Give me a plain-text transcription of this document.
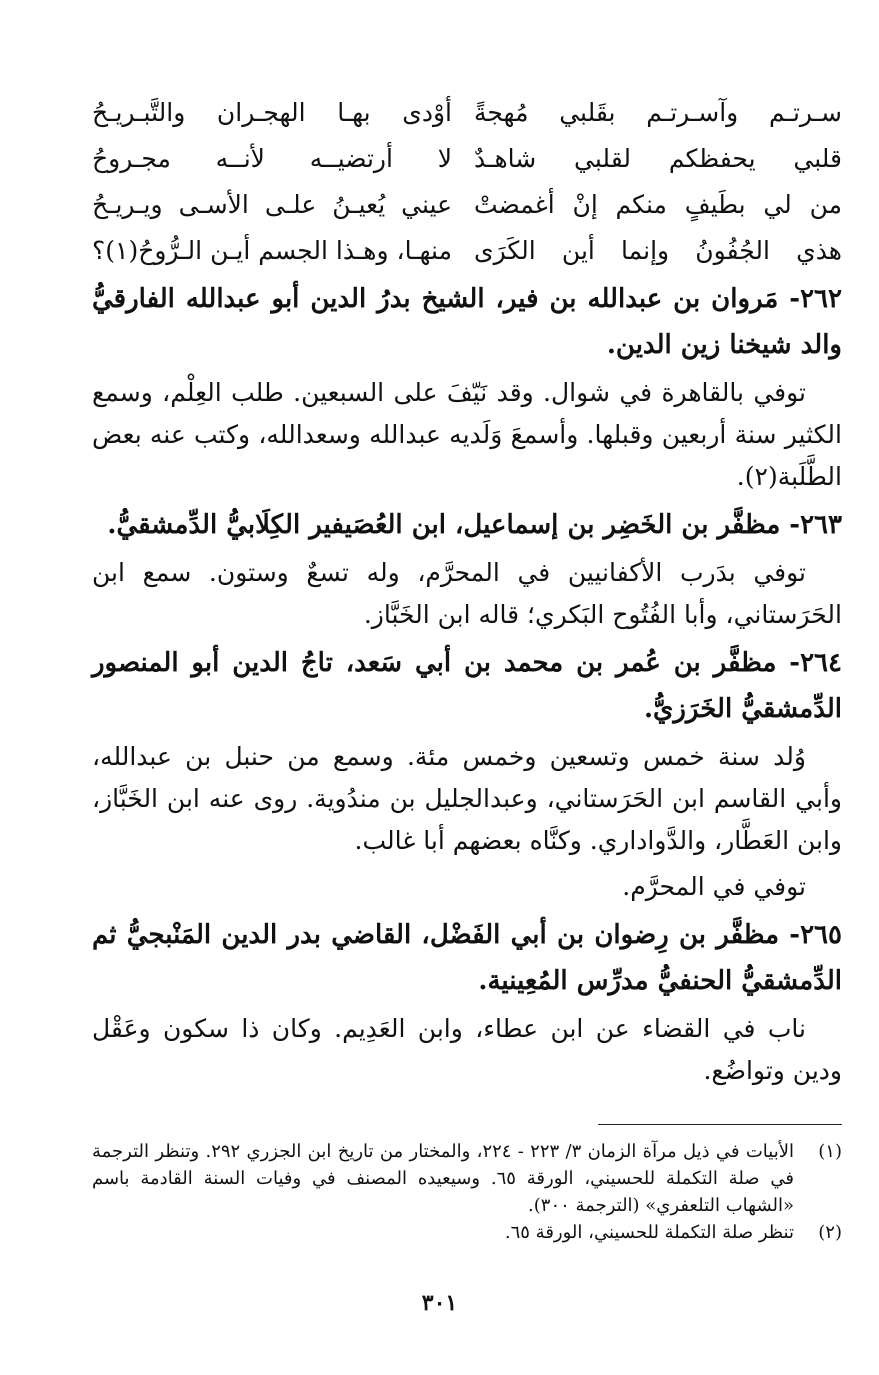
سـرتـم وآسـرتـم بقَلبي مُهجةً
أوْدى بهـا الهجـران والتَّبـريـحُ
قلبي يحفظكم لقلبي شاهـدٌ
لا أرتضيــه لأنــه مجـروحُ
من لي بطَيفٍ منكم إنْ أغمضتْ
عيني يُعيـنُ علـى الأسـى ويـريـحُ
هذي الجُفُونُ وإنما أين الكَرَى
منهـا، وهـذا الجسم أيـن الـرُّوحُ(١)؟
٢٦٢- مَروان بن عبدالله بن فير، الشيخ بدرُ الدين أبو عبدالله الفارقيُّ والد شيخنا زين الدين.

توفي بالقاهرة في شوال. وقد نَيّفَ على السبعين. طلب العِلْم، وسمع الكثير سنة أربعين وقبلها. وأسمعَ وَلَديه عبدالله وسعدالله، وكتب عنه بعض الطَّلَبة(٢).

٢٦٣- مظفَّر بن الخَضِر بن إسماعيل، ابن العُصَيفير الكِلَابيُّ الدِّمشقيُّ.

توفي بدَرب الأكفانيين في المحرَّم، وله تسعٌ وستون. سمع ابن الحَرَستاني، وأبا الفُتُوح البَكري؛ قاله ابن الخَبَّاز.

٢٦٤- مظفَّر بن عُمر بن محمد بن أبي سَعد، تاجُ الدين أبو المنصور الدِّمشقيُّ الخَرَزيُّ.

وُلد سنة خمس وتسعين وخمس مئة. وسمع من حنبل بن عبدالله، وأبي القاسم ابن الحَرَستاني، وعبدالجليل بن مندُوية. روى عنه ابن الخَبَّاز، وابن العَطَّار، والدَّواداري. وكنَّاه بعضهم أبا غالب.

توفي في المحرَّم.

٢٦٥- مظفَّر بن رِضوان بن أبي الفَضْل، القاضي بدر الدين المَنْبجيُّ ثم الدِّمشقيُّ الحنفيُّ مدرِّس المُعِينية.

ناب في القضاء عن ابن عطاء، وابن العَدِيم. وكان ذا سكون وعَقْل ودين وتواضُع.

(١)
الأبيات في ذيل مرآة الزمان ٣/ ٢٢٣ - ٢٢٤، والمختار من تاريخ ابن الجزري ٢٩٢. وتنظر الترجمة في صلة التكملة للحسيني، الورقة ٦٥. وسيعيده المصنف في وفيات السنة القادمة باسم «الشهاب التلعفري» (الترجمة ٣٠٠).
(٢)
تنظر صلة التكملة للحسيني، الورقة ٦٥.
٣٠١
